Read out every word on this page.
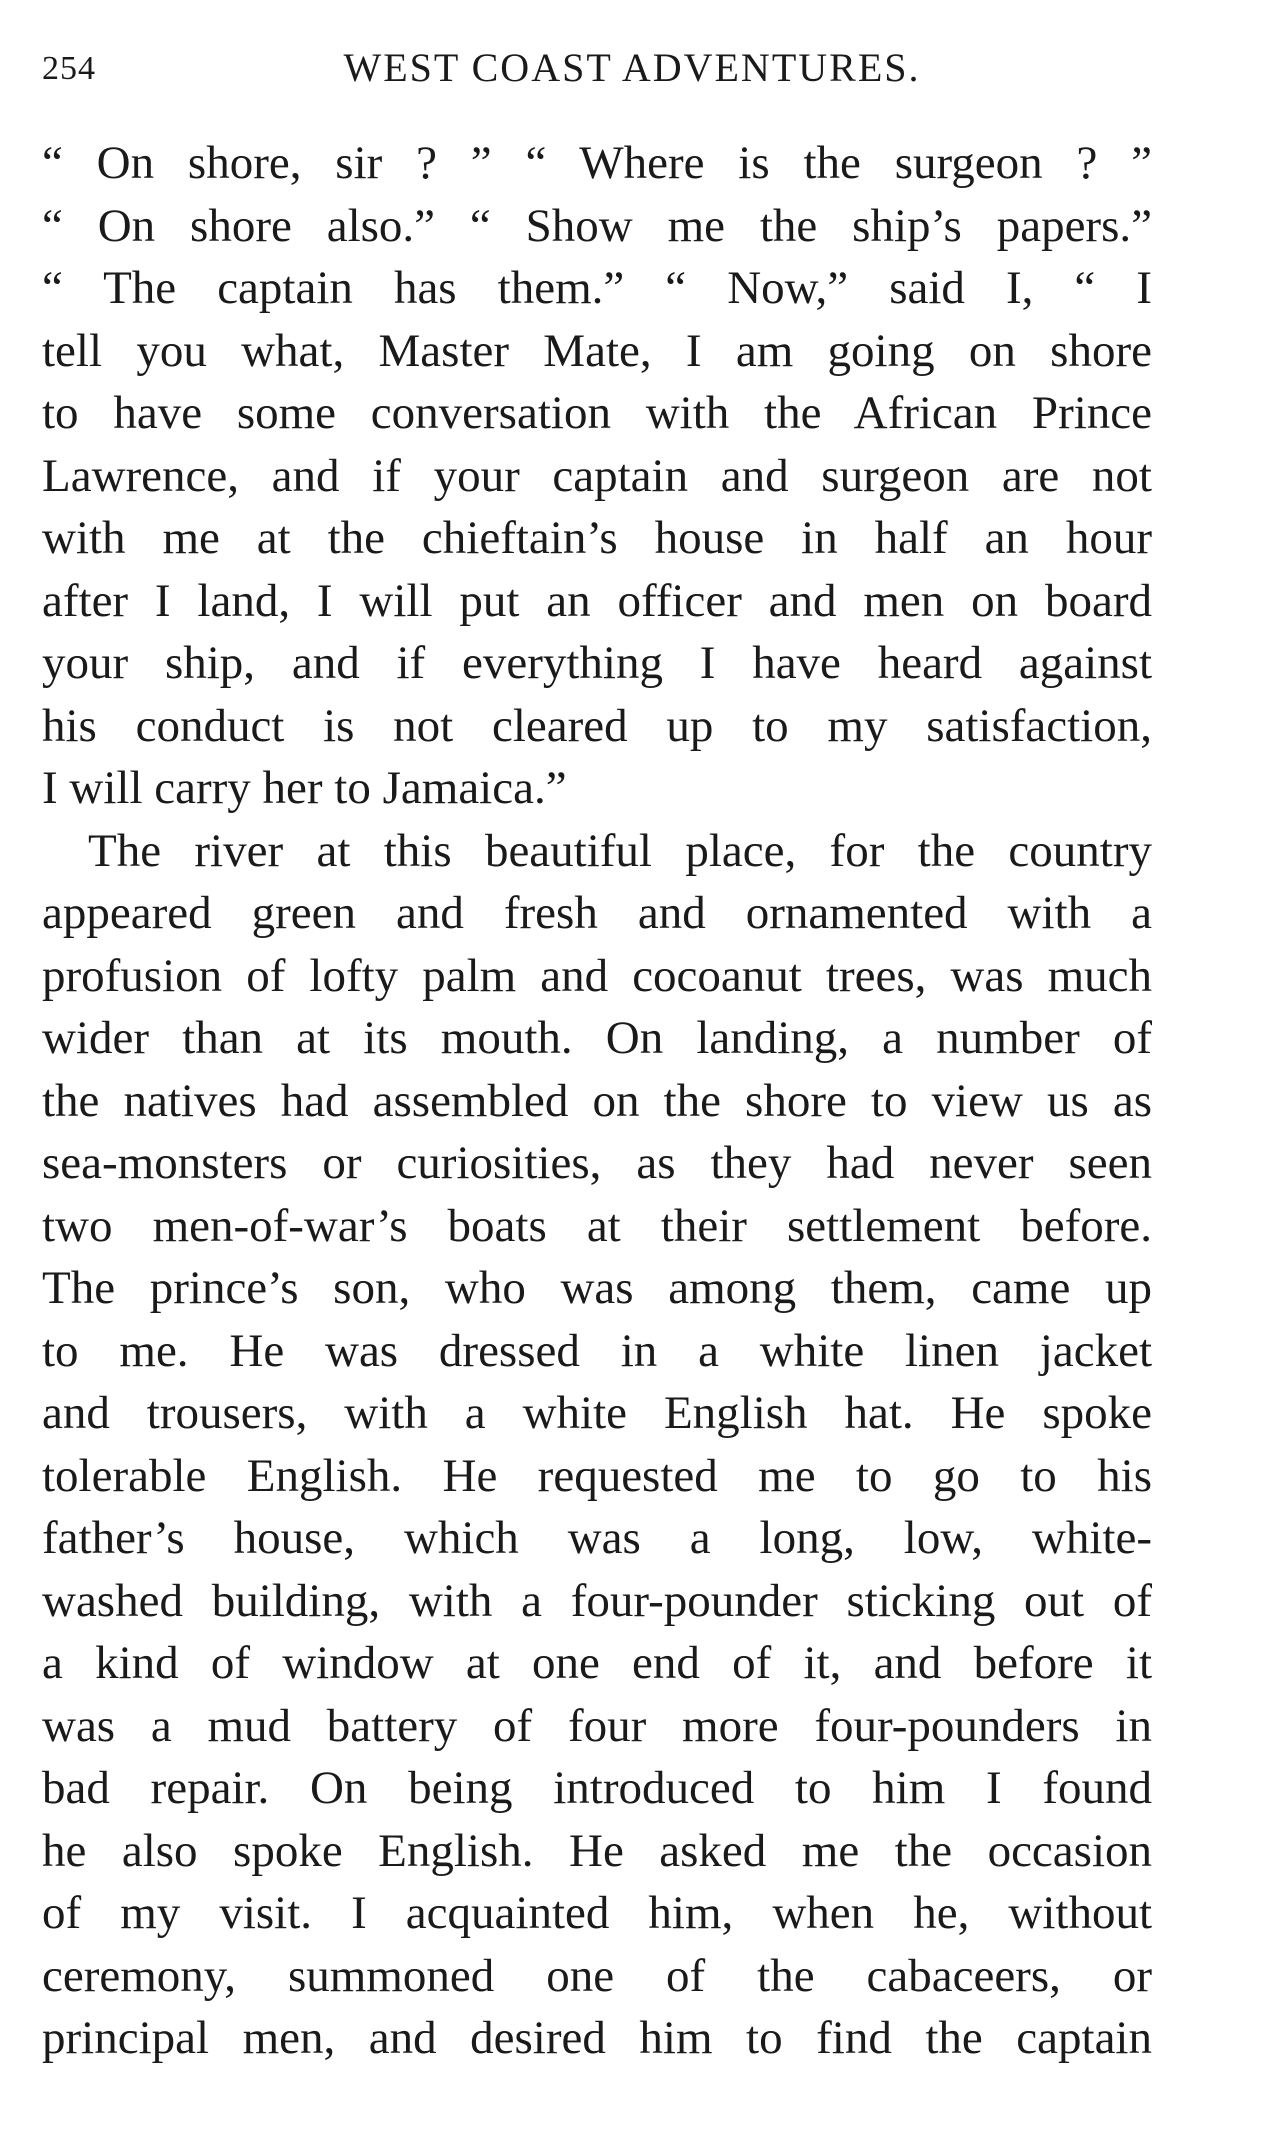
254	WEST COAST ADVENTURES.
“ On shore, sir ? ” “ Where is the surgeon ? ”
“ On shore also.” “ Show me the ship’s papers.”
“ The captain has them.” “ Now,” said I, “ I
tell you what, Master Mate, I am going on shore
to have some conversation with the African Prince
Lawrence, and if your captain and surgeon are not
with me at the chieftain’s house in half an hour
after I land, I will put an officer and men on board
your ship, and if everything I have heard against
his conduct is not cleared up to my satisfaction,
I will carry her to Jamaica.”
The river at this beautiful place, for the country
appeared green and fresh and ornamented with a
profusion of lofty palm and cocoanut trees, was much
wider than at its mouth. On landing, a number of
the natives had assembled on the shore to view us as
sea-monsters or curiosities, as they had never seen
two men-of-war’s boats at their settlement before.
The prince’s son, who was among them, came up
to me. He was dressed in a white linen jacket
and trousers, with a white English hat. He spoke
tolerable English. He requested me to go to his
father’s house, which was a long, low, white-
washed building, with a four-pounder sticking out of
a kind of window at one end of it, and before it
was a mud battery of four more four-pounders in
bad repair. On being introduced to him I found
he also spoke English. He asked me the occasion
of my visit. I acquainted him, when he, without
ceremony, summoned one of the cabaceers, or
principal men, and desired him to find the captain
